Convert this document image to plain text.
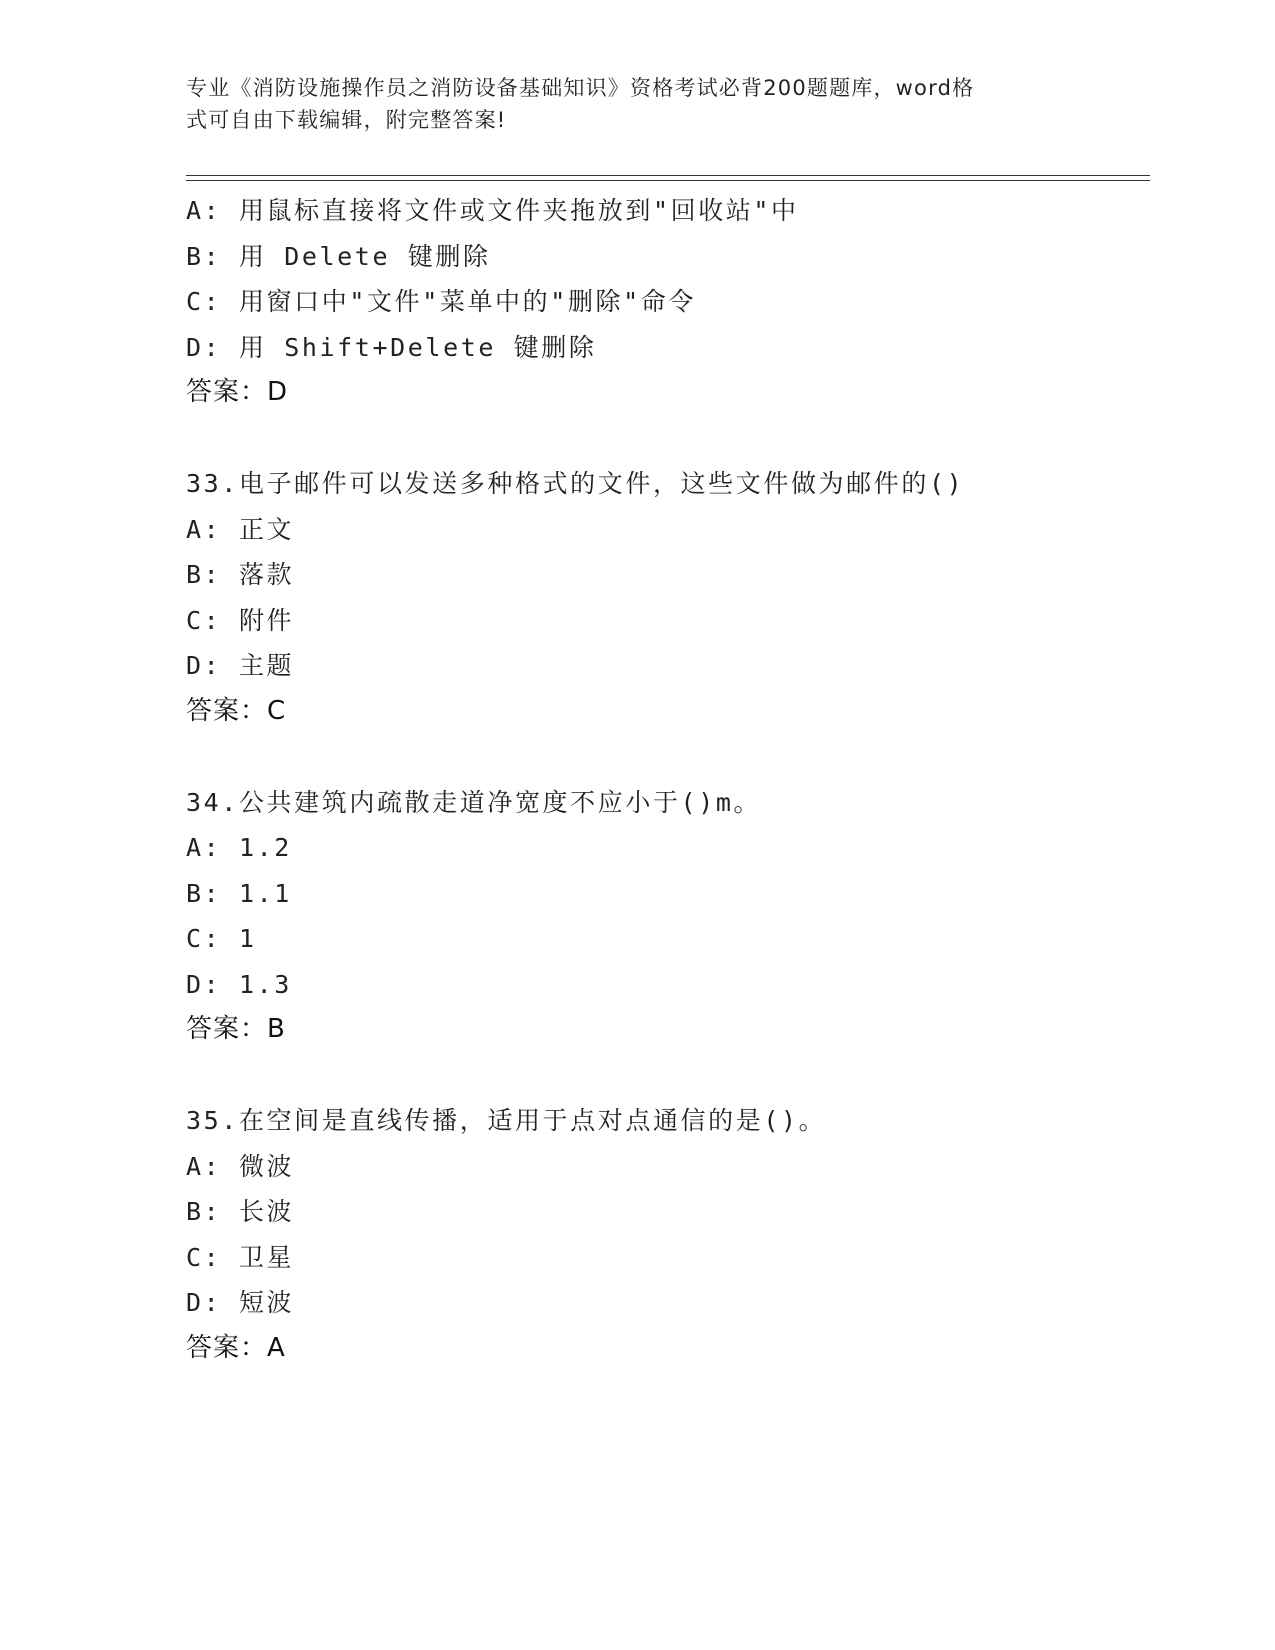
专业《消防设施操作员之消防设备基础知识》资格考试必背200题题库，word格
式可自由下载编辑，附完整答案!
A: 用鼠标直接将文件或文件夹拖放到"回收站"中
B: 用 Delete 键删除
C: 用窗口中"文件"菜单中的"删除"命令
D: 用 Shift+Delete 键删除
答案：D
33.电子邮件可以发送多种格式的文件，这些文件做为邮件的()
A: 正文
B: 落款
C: 附件
D: 主题
答案：C
34.公共建筑内疏散走道净宽度不应小于()m。
A: 1.2
B: 1.1
C: 1
D: 1.3
答案：B
35.在空间是直线传播，适用于点对点通信的是()。
A: 微波
B: 长波
C: 卫星
D: 短波
答案：A
